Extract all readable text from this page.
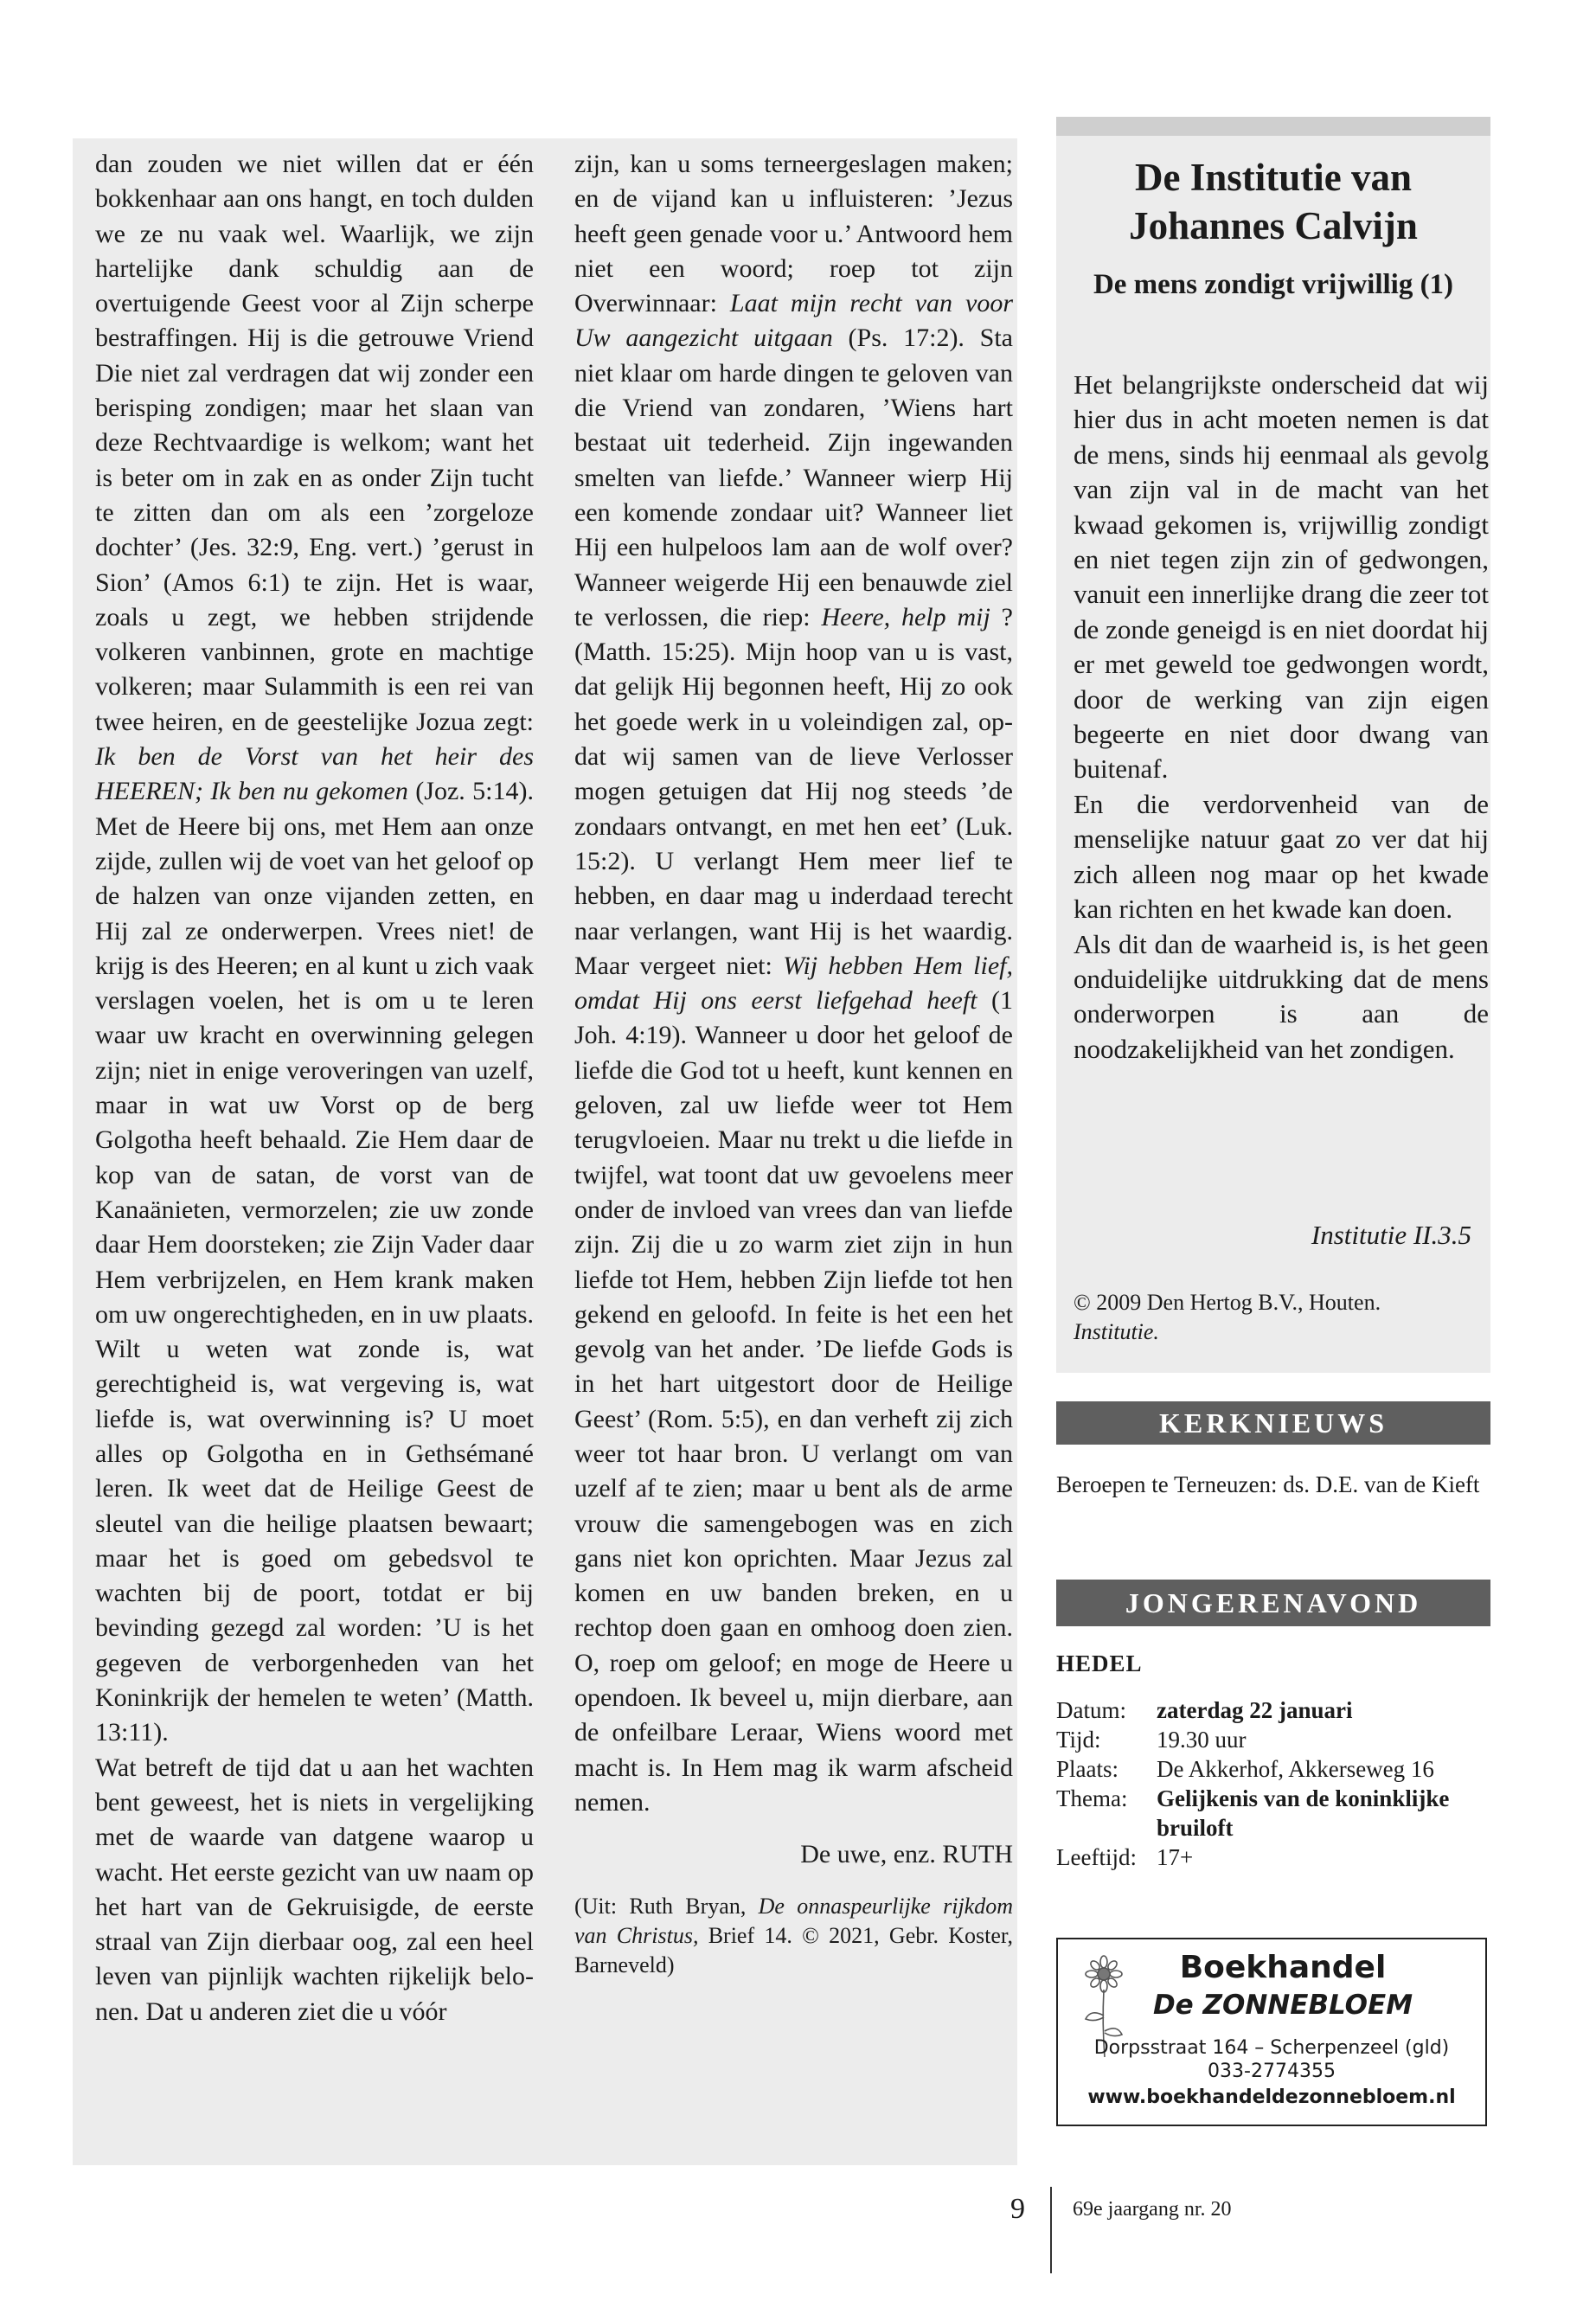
dan zouden we niet willen dat er één bokkenhaar aan ons hangt, en toch dulden we ze nu vaak wel. Waarlijk, we zijn hartelijke dank schuldig aan de overtuigende Geest voor al Zijn scherpe bestraffingen. Hij is die getrouwe Vriend Die niet zal verdragen dat wij zonder een berisping zondigen; maar het slaan van deze Rechtvaardige is welkom; want het is beter om in zak en as onder Zijn tucht te zitten dan om als een ’zorgeloze dochter’ (Jes. 32:9, Eng. vert.) ’gerust in Sion’ (Amos 6:1) te zijn. Het is waar, zoals u zegt, we hebben strijdende volkeren vanbinnen, grote en machtige volkeren; maar Sulammith is een rei van twee heiren, en de geestelijke Jozua zegt: Ik ben de Vorst van het heir des HEEREN; Ik ben nu gekomen (Joz. 5:14). Met de Heere bij ons, met Hem aan onze zijde, zullen wij de voet van het geloof op de halzen van onze vijanden zetten, en Hij zal ze onderwerpen. Vrees niet! de krijg is des Heeren; en al kunt u zich vaak verslagen voelen, het is om u te leren waar uw kracht en overwinning gelegen zijn; niet in enige veroveringen van uzelf, maar in wat uw Vorst op de berg Golgotha heeft behaald. Zie Hem daar de kop van de satan, de vorst van de Kanaänieten, vermorzelen; zie uw zonde daar Hem doorsteken; zie Zijn Vader daar Hem verbrijzelen, en Hem krank maken om uw ongerechtigheden, en in uw plaats. Wilt u weten wat zonde is, wat gerechtigheid is, wat vergeving is, wat liefde is, wat overwinning is? U moet alles op Golgotha en in Gethsémané leren. Ik weet dat de Heilige Geest de sleutel van die heilige plaatsen bewaart; maar het is goed om gebedsvol te wachten bij de poort, totdat er bij bevinding gezegd zal worden: ’U is het gegeven de verborgenheden van het Koninkrijk der hemelen te weten’ (Matth. 13:11).

Wat betreft de tijd dat u aan het wachten bent geweest, het is niets in vergelijking met de waarde van datgene waarop u wacht. Het eerste gezicht van uw naam op het hart van de Gekruisigde, de eerste straal van Zijn dierbaar oog, zal een heel leven van pijnlijk wachten rijkelijk belonen. Dat u anderen ziet die u vóór

zijn, kan u soms terneergeslagen maken; en de vijand kan u influisteren: ’Jezus heeft geen genade voor u.’ Antwoord hem niet een woord; roep tot zijn Overwinnaar: Laat mijn recht van voor Uw aangezicht uitgaan (Ps. 17:2). Sta niet klaar om harde dingen te geloven van die Vriend van zondaren, ’Wiens hart bestaat uit tederheid. Zijn ingewanden smelten van liefde.’ Wanneer wierp Hij een komende zondaar uit? Wanneer liet Hij een hulpeloos lam aan de wolf over? Wanneer weigerde Hij een benauwde ziel te verlossen, die riep: Heere, help mij ? (Matth. 15:25). Mijn hoop van u is vast, dat gelijk Hij begonnen heeft, Hij zo ook het goede werk in u voleindigen zal, opdat wij samen van de lieve Verlosser mogen getuigen dat Hij nog steeds ’de zondaars ontvangt, en met hen eet’ (Luk. 15:2). U verlangt Hem meer lief te hebben, en daar mag u inderdaad terecht naar verlangen, want Hij is het waardig. Maar vergeet niet: Wij hebben Hem lief, omdat Hij ons eerst liefgehad heeft (1 Joh. 4:19). Wanneer u door het geloof de liefde die God tot u heeft, kunt kennen en geloven, zal uw liefde weer tot Hem terugvloeien. Maar nu trekt u die liefde in twijfel, wat toont dat uw gevoelens meer onder de invloed van vrees dan van liefde zijn. Zij die u zo warm ziet zijn in hun liefde tot Hem, hebben Zijn liefde tot hen gekend en geloofd. In feite is het een het gevolg van het ander. ’De liefde Gods is in het hart uitgestort door de Heilige Geest’ (Rom. 5:5), en dan verheft zij zich weer tot haar bron. U verlangt om van uzelf af te zien; maar u bent als de arme vrouw die samengebogen was en zich gans niet kon oprichten. Maar Jezus zal komen en uw banden breken, en u rechtop doen gaan en omhoog doen zien. O, roep om geloof; en moge de Heere u opendoen. Ik beveel u, mijn dierbare, aan de onfeilbare Leraar, Wiens woord met macht is. In Hem mag ik warm afscheid nemen.

De uwe, enz. RUTH

(Uit: Ruth Bryan, De onnaspeurlijke rijkdom van Christus, Brief 14. © 2021, Gebr. Koster, Barneveld)

De Institutie van Johannes Calvijn
De mens zondigt vrijwillig (1)

Het belangrijkste onderscheid dat wij hier dus in acht moeten nemen is dat de mens, sinds hij eenmaal als gevolg van zijn val in de macht van het kwaad gekomen is, vrijwillig zondigt en niet tegen zijn zin of gedwongen, vanuit een innerlijke drang die zeer tot de zonde geneigd is en niet doordat hij er met geweld toe gedwongen wordt, door de werking van zijn eigen begeerte en niet door dwang van buitenaf.

En die verdorvenheid van de menselijke natuur gaat zo ver dat hij zich alleen nog maar op het kwade kan richten en het kwade kan doen.

Als dit dan de waarheid is, is het geen onduidelijke uitdrukking dat de mens onderworpen is aan de noodzakelijkheid van het zondigen.

Institutie II.3.5
© 2009 Den Hertog B.V., Houten.
Institutie.
KERKNIEUWS
Beroepen te Terneuzen: ds. D.E. van de Kieft
JONGERENAVOND
HEDEL
Datum:	zaterdag 22 januari
Tijd:	19.30 uur
Plaats:	De Akkerhof, Akkerseweg 16
Thema:	Gelijkenis van de koninklijke bruiloft
Leeftijd: 17+
Boekhandel
De ZONNEBLOEM
Dorpsstraat 164 – Scherpenzeel (gld)
033-2774355
www.boekhandeldezonnebloem.nl
9 69e jaargang nr. 20
